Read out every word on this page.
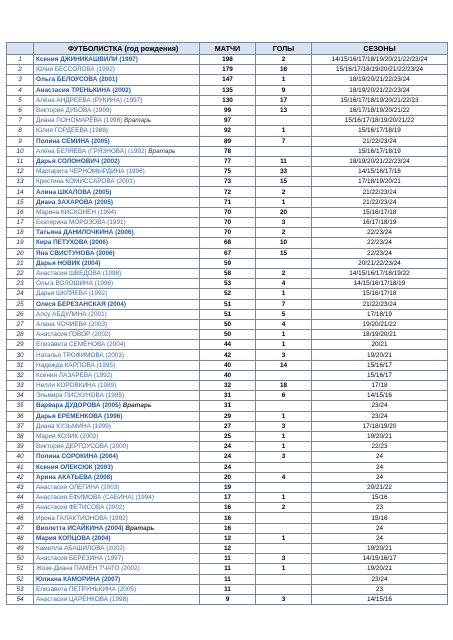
	ФУТБОЛИСТКА (год рождения)	МАТЧИ	ГОЛЫ	СЕЗОНЫ
1	Ксения ДЖИНИКАШВИЛИ (1997)	198	2	14/15/16/17/18/19/20/21/22/23/24
2	Юлия БЕССОЛОВА (1992)	179	16	15/16/17/18/19/20/21/22/23/24
3	Ольга БЕЛОУСОВА (2001)	147	1	18/19/20/21/22/23/24
4	Анастасия ТРЕНЬКИНА (2002)	135	9	18/19/20/21/22/23/24
5	Алёна АНДРЕЕВА (РУКИНА) (1997)	130	17	15/16/17/18/19/20/21/22/23
6	Виктория ДУБОВА (1999)	99	13	16/17/18/19/20/21/22
7	Диана ПОНОМАРЁВА (1998) Вратарь	97		15/16/17/18/19/20/21/22
8	Юлия ГОРДЕЕВА (1988)	92	1	15/16/17/18/19
9	Полина СЁМИНА (2005)	89	7	21/22/23/24
10	Алёна БЕЛЯЕВА (ГРЯЗНОВА) (1992) Вратарь	78		15/16/17/18/19
11	Дарья СОЛОНОВИЧ (2002)	77	11	18/19/20/21/22/23/24
12	Маргарита ЧЕРНОМЫРДИНА (1996)	75	33	14/15/16/17/18
13	Кристина КОМИССАРОВА (2001)	73	15	17/18/19/20/21
14	Алина ШКАЛОВА (2005)	72	2	21/22/23/24
15	Диана ЗАХАРОВА (2005)	71	1	21/22/23/24
16	Марина КИСКОНЕН (1994)	70	20	15/16/17/18
17	Екатерина МОРОЗОВА (1991)	70	3	16/17/18/19
18	Татьяна ДАНИЛОЧКИНА (2006)	70	2	22/23/24
19	Кира ПЕТУХОВА (2006)	68	10	22/23/24
20	Яна СВИСТУНОВА (2006)	67	15	22/23/24
21	Дарья НОВИК (2004)	59		20/21/22/23/24
22	Анастасия ШВЕДОВА (1998)	58	2	14/15/16/17/18/19/22
23	Ольга ВОЛОШИНА (1998)	53	4	14/15/16/17/18/19
24	Дарья ШКЛЯЕВА (1992)	52	1	15/16/17/18
25	Олеся БЕРЕЗАНСКАЯ (2004)	51	7	21/22/23/24
26	Алсу АБДУЛИНА (2001)	51	5	17/18/19
27	Алана ЧОЧИЕВА (2003)	50	4	19/20/21/22
28	Анастасия ГОВОР (2002)	50	1	18/19/20/21
29	Елизавета СЕМЁНОВА (2004)	44	1	20/21
30	Наталья ТРОФИМОВА (2003)	42	3	19/20/21
31	Надежда КАРПОВА (1995)	40	14	15/16/17
32	Ксения ЛАЗАРЕВА (1992)	40		15/16/17
33	Нелли КОРОВКИНА (1989)	32	18	17/18
34	Эльмира ПИСКУНОВА (1995)	31	6	14/15/16
35	Варвара ДУДОРОВА (2005) Вратарь	31		23/24
36	Дарья ЕРЕМЕНКОВА (1996)	29	1	23/24
37	Диана КУЗЬМИНА (1999)	27	3	17/18/19/20
38	Мария КОЗИК (2002)	25	1	19/20/21
39	Виктория ДЕРГОУСОВА (2000)	24	1	22/23
40	Полина СОРОКИНА (2004)	24	3	24
41	Ксения ОЛЕКСЮК (2003)	24		24
42	Арина АКАТЬЕВА (2008)	20	4	24
43	Анастасия ОЛЕГИНА (2003)	19		20/21/22
44	Анастасия ЕФИМОВА (САБИНА) (1994)	17	1	15/16
45	Анастасия ФЕТИСОВА (2002)	16	2	23
46	Ирина ГАЛАКТИОНОВА (1992)	16		15/16
47	Виолетта ИСАЙКИНА (2004) Вратарь	16		24
48	Мария КОПЦОВА (2004)	12	1	24
49	Камилла АБАШИЛОВА (2002)	12		19/20/21
50	Анастасия БЕРЕЗИНА (1997)	11	3	14/15/16/17
51	Жозе-Диана ПАМЕН ТЧАТО (2002)	11	1	19/20/21
52	Юлиана КАМОРИНА (2007)	11		23/24
53	Елизавета ПЕТРУНЬКИНА (2005)	11		23
54	Анастасия ЦАРЕНКОВА (1998)	9	3	14/15/16
